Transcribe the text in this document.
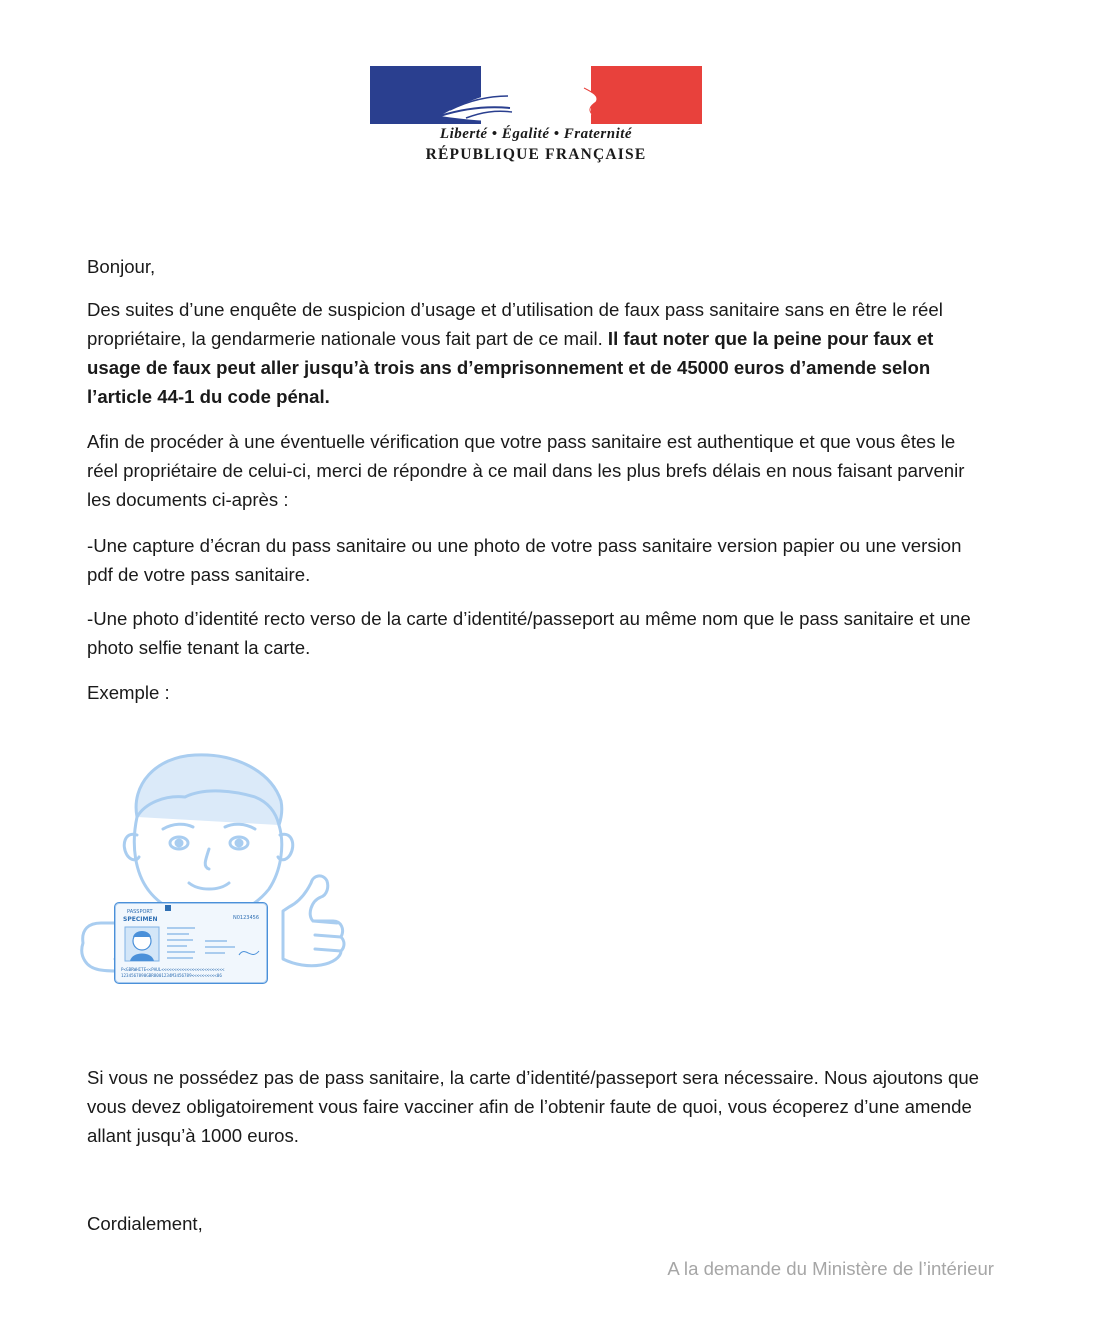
Liberté • Égalité • Fraternité
RÉPUBLIQUE FRANÇAISE

Bonjour,

Des suites d’une enquête de suspicion d’usage et d’utilisation de faux pass sanitaire sans en être le réel propriétaire, la gendarmerie nationale vous fait part de ce mail. Il faut noter que la peine pour faux et usage de faux peut aller jusqu’à trois ans d’emprisonnement et de 45000 euros d’amende selon l’article 44-1 du code pénal.

Afin de procéder à une éventuelle vérification que votre pass sanitaire est authentique et que vous êtes le réel propriétaire de celui-ci, merci de répondre à ce mail dans les plus brefs délais en nous faisant parvenir les documents ci-après :

-Une capture d’écran du pass sanitaire ou une photo de votre pass sanitaire version papier ou une version pdf de votre pass sanitaire.

-Une photo d’identité recto verso de la carte d’identité/passeport au même nom que le pass sanitaire et une photo selfie tenant la carte.

Exemple :

PASSPORT
SPECIMEN	N0123456
P<GBRWHITE<<PAUL<<<<<<<<<<<<<<<<<<<<<<<<<
1234567890GBR8001234M3456789<<<<<<<<<<06

Si vous ne possédez pas de pass sanitaire, la carte d’identité/passeport sera nécessaire. Nous ajoutons que vous devez obligatoirement vous faire vacciner afin de l’obtenir faute de quoi, vous écoperez d’une amende allant jusqu’à 1000 euros.

Cordialement,

A la demande du Ministère de l’intérieur
